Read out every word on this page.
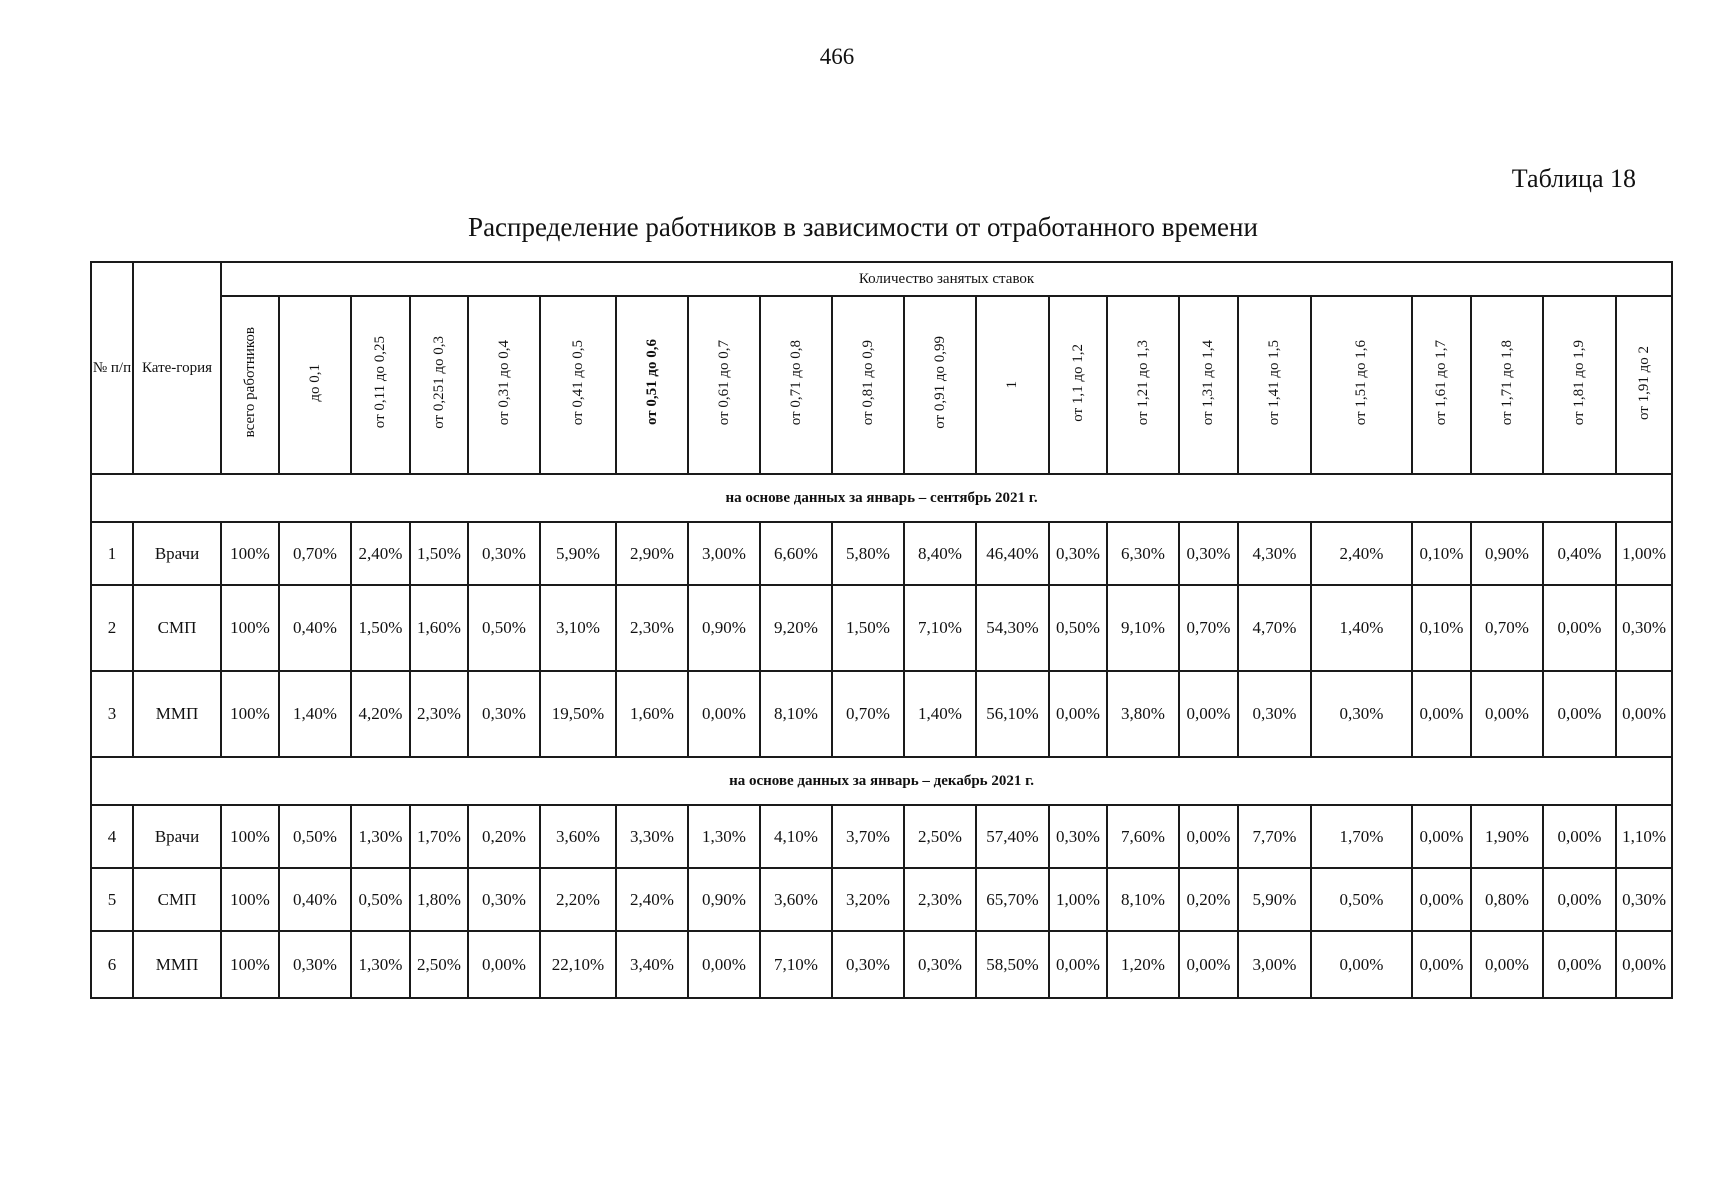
466
Таблица 18
Распределение работников в зависимости от отработанного времени
№ п/п	Кате-гория	Количество занятых ставок																				
		всего работников	до 0,1	от 0,11 до 0,25	от 0,251 до 0,3	от 0,31 до 0,4	от 0,41 до 0,5	от 0,51 до 0,6	от 0,61 до 0,7	от 0,71 до 0,8	от 0,81 до 0,9	от 0,91 до 0,99	1	от 1,1 до 1,2	от 1,21 до 1,3	от 1,31 до 1,4	от 1,41 до 1,5	от 1,51 до 1,6	от 1,61 до 1,7	от 1,71 до 1,8	от 1,81 до 1,9	от 1,91 до 2
на основе данных за январь – сентябрь 2021 г.																						
1	Врачи	100%	0,70%	2,40%	1,50%	0,30%	5,90%	2,90%	3,00%	6,60%	5,80%	8,40%	46,40%	0,30%	6,30%	0,30%	4,30%	2,40%	0,10%	0,90%	0,40%	1,00%
2	СМП	100%	0,40%	1,50%	1,60%	0,50%	3,10%	2,30%	0,90%	9,20%	1,50%	7,10%	54,30%	0,50%	9,10%	0,70%	4,70%	1,40%	0,10%	0,70%	0,00%	0,30%
3	ММП	100%	1,40%	4,20%	2,30%	0,30%	19,50%	1,60%	0,00%	8,10%	0,70%	1,40%	56,10%	0,00%	3,80%	0,00%	0,30%	0,30%	0,00%	0,00%	0,00%	0,00%
на основе данных за январь – декабрь 2021 г.																						
4	Врачи	100%	0,50%	1,30%	1,70%	0,20%	3,60%	3,30%	1,30%	4,10%	3,70%	2,50%	57,40%	0,30%	7,60%	0,00%	7,70%	1,70%	0,00%	1,90%	0,00%	1,10%
5	СМП	100%	0,40%	0,50%	1,80%	0,30%	2,20%	2,40%	0,90%	3,60%	3,20%	2,30%	65,70%	1,00%	8,10%	0,20%	5,90%	0,50%	0,00%	0,80%	0,00%	0,30%
6	ММП	100%	0,30%	1,30%	2,50%	0,00%	22,10%	3,40%	0,00%	7,10%	0,30%	0,30%	58,50%	0,00%	1,20%	0,00%	3,00%	0,00%	0,00%	0,00%	0,00%	0,00%
